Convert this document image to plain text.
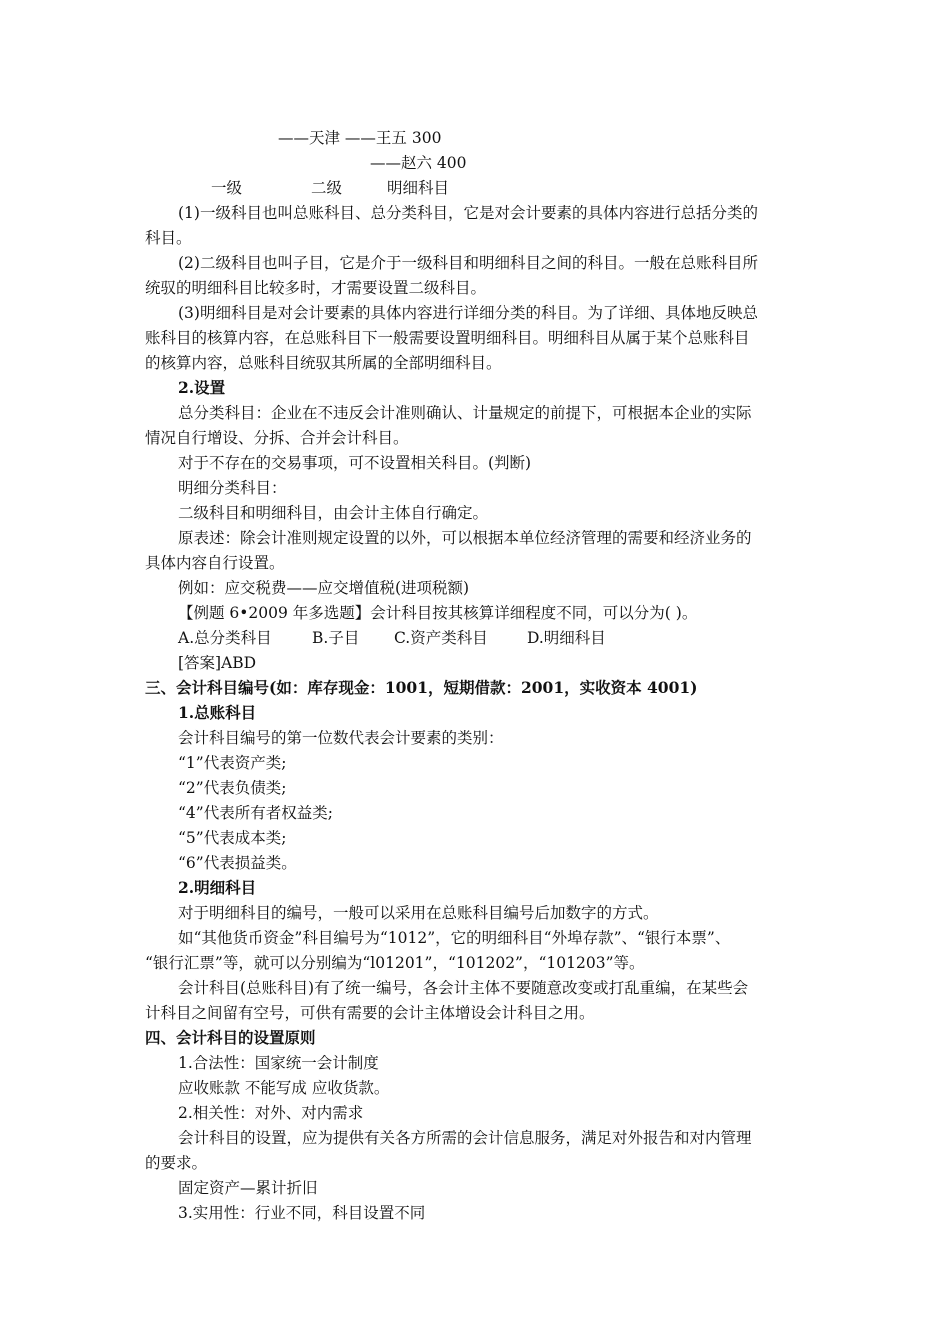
——天津 ——王五 300
——赵六 400
一级	二级	明细科目
(1)一级科目也叫总账科目、总分类科目，它是对会计要素的具体内容进行总括分类的
科目。
(2)二级科目也叫子目，它是介于一级科目和明细科目之间的科目。一般在总账科目所
统驭的明细科目比较多时，才需要设置二级科目。
(3)明细科目是对会计要素的具体内容进行详细分类的科目。为了详细、具体地反映总
账科目的核算内容，在总账科目下一般需要设置明细科目。明细科目从属于某个总账科目
的核算内容，总账科目统驭其所属的全部明细科目。
2.设置
总分类科目：企业在不违反会计准则确认、计量规定的前提下，可根据本企业的实际
情况自行增设、分拆、合并会计科目。
对于不存在的交易事项，可不设置相关科目。(判断)
明细分类科目：
二级科目和明细科目，由会计主体自行确定。
原表述：除会计准则规定设置的以外，可以根据本单位经济管理的需要和经济业务的
具体内容自行设置。
例如：应交税费——应交增值税(进项税额)
【例题 6•2009 年多选题】会计科目按其核算详细程度不同，可以分为( )。
A.总分类科目	B.子目 C.资产类科目	D.明细科目
[答案]ABD
三、会计科目编号(如：库存现金：1001，短期借款：2001，实收资本 4001)
1.总账科目
会计科目编号的第一位数代表会计要素的类别：
“1”代表资产类;
“2”代表负债类;
“4”代表所有者权益类;
“5”代表成本类;
“6”代表损益类。
2.明细科目
对于明细科目的编号，一般可以采用在总账科目编号后加数字的方式。
如“其他货币资金”科目编号为“1012”，它的明细科目“外埠存款”、“银行本票”、
“银行汇票”等，就可以分别编为“l01201”，“101202”，“101203”等。
会计科目(总账科目)有了统一编号，各会计主体不要随意改变或打乱重编，在某些会
计科目之间留有空号，可供有需要的会计主体增设会计科目之用。
四、会计科目的设置原则
1.合法性：国家统一会计制度
应收账款 不能写成 应收货款。
2.相关性：对外、对内需求
会计科目的设置，应为提供有关各方所需的会计信息服务，满足对外报告和对内管理
的要求。
固定资产—累计折旧
3.实用性：行业不同，科目设置不同
